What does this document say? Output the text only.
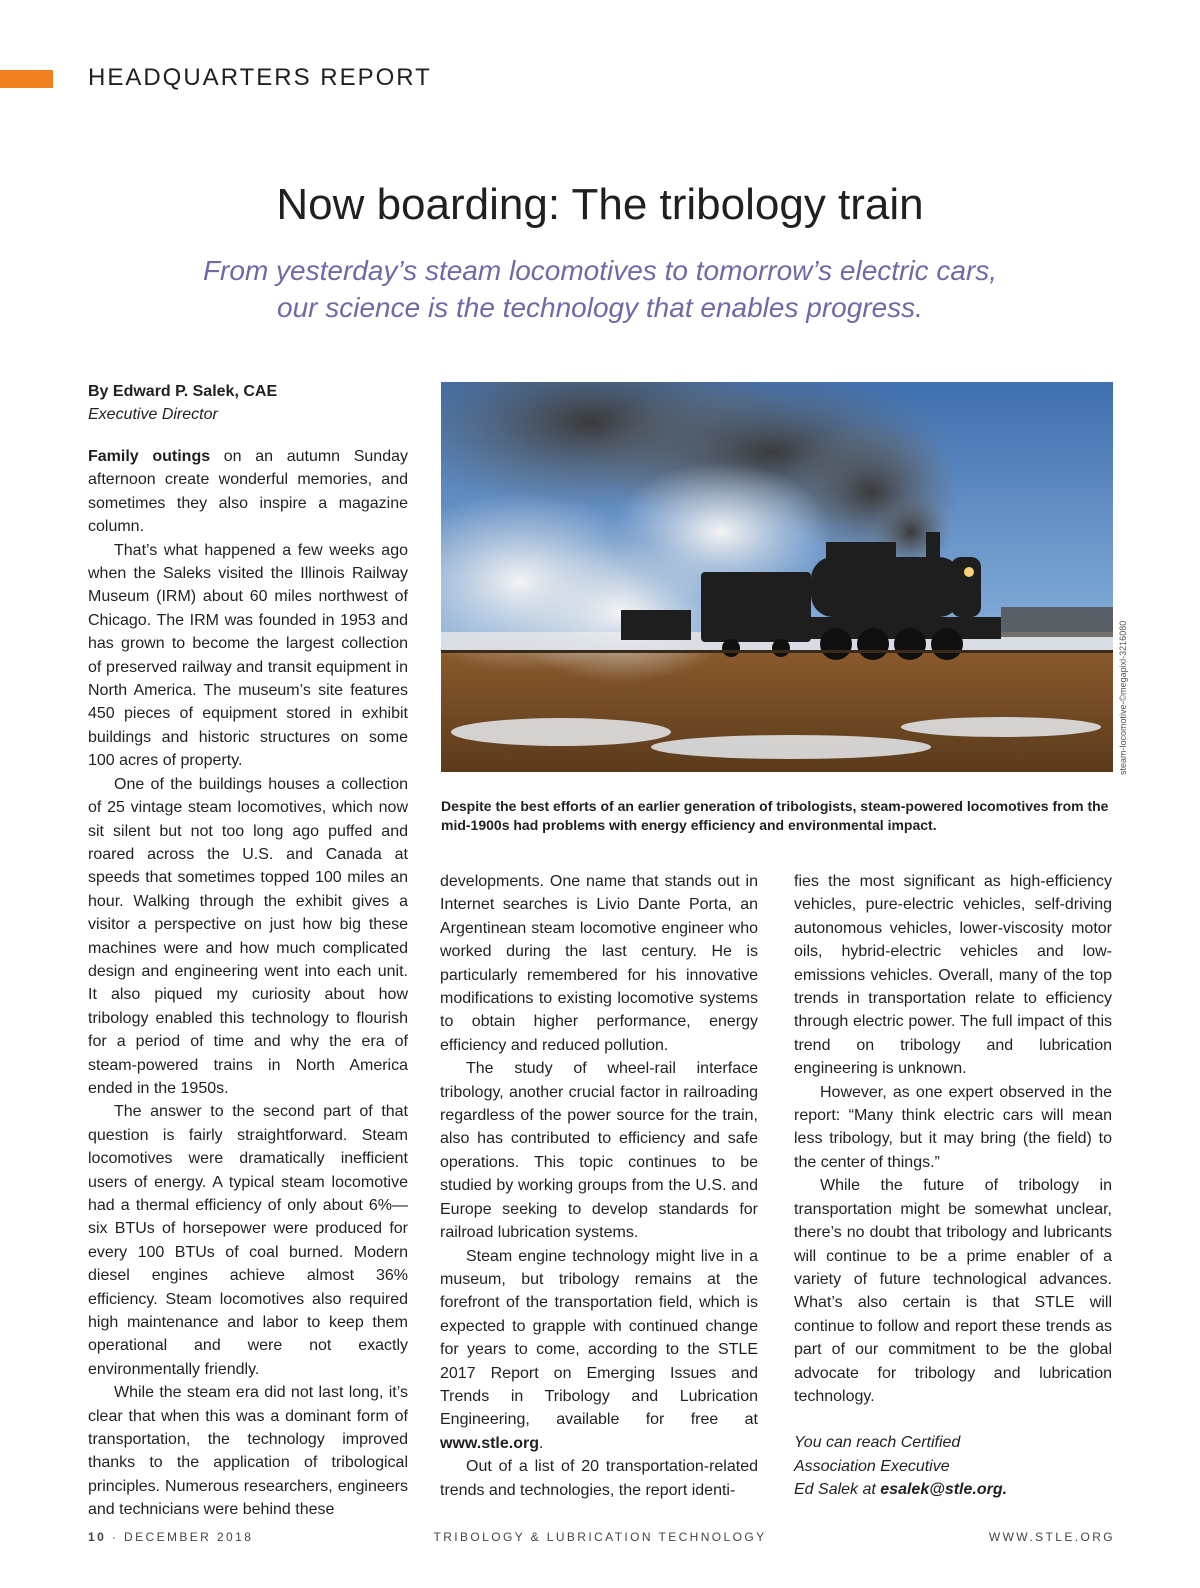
HEADQUARTERS REPORT
Now boarding: The tribology train
From yesterday’s steam locomotives to tomorrow’s electric cars,
our science is the technology that enables progress.
By Edward P. Salek, CAE
Executive Director

Family outings on an autumn Sunday afternoon create wonderful memories, and sometimes they also inspire a magazine column.

That’s what happened a few weeks ago when the Saleks visited the Illinois Railway Museum (IRM) about 60 miles northwest of Chicago. The IRM was founded in 1953 and has grown to become the largest collection of preserved railway and transit equipment in North America. The museum’s site features 450 pieces of equipment stored in exhibit buildings and historic structures on some 100 acres of property.

One of the buildings houses a collection of 25 vintage steam locomotives, which now sit silent but not too long ago puffed and roared across the U.S. and Canada at speeds that sometimes topped 100 miles an hour. Walking through the exhibit gives a visitor a perspective on just how big these machines were and how much complicated design and engineering went into each unit. It also piqued my curiosity about how tribology enabled this technology to flourish for a period of time and why the era of steam-powered trains in North America ended in the 1950s.

The answer to the second part of that question is fairly straightforward. Steam locomotives were dramatically inefficient users of energy. A typical steam locomotive had a thermal efficiency of only about 6%—six BTUs of horsepower were produced for every 100 BTUs of coal burned. Modern diesel engines achieve almost 36% efficiency. Steam locomotives also required high maintenance and labor to keep them operational and were not exactly environmentally friendly.

While the steam era did not last long, it’s clear that when this was a dominant form of transportation, the technology improved thanks to the application of tribological principles. Numerous researchers, engineers and technicians were behind these

steam-locomotive-©megapixl-3216080
Despite the best efforts of an earlier generation of tribologists, steam-powered locomotives from the mid-1900s had problems with energy efficiency and environmental impact.

developments. One name that stands out in Internet searches is Livio Dante Porta, an Argentinean steam locomotive engineer who worked during the last century. He is particularly remembered for his innovative modifications to existing locomotive systems to obtain higher performance, energy efficiency and reduced pollution.

The study of wheel-rail interface tribology, another crucial factor in railroading regardless of the power source for the train, also has contributed to efficiency and safe operations. This topic continues to be studied by working groups from the U.S. and Europe seeking to develop standards for railroad lubrication systems.

Steam engine technology might live in a museum, but tribology remains at the forefront of the transportation field, which is expected to grapple with continued change for years to come, according to the STLE 2017 Report on Emerging Issues and Trends in Tribology and Lubrication Engineering, available for free at www.stle.org.

Out of a list of 20 transportation-related trends and technologies, the report identi-

fies the most significant as high-efficiency vehicles, pure-electric vehicles, self-driving autonomous vehicles, lower-viscosity motor oils, hybrid-electric vehicles and low-emissions vehicles. Overall, many of the top trends in transportation relate to efficiency through electric power. The full impact of this trend on tribology and lubrication engineering is unknown.

However, as one expert observed in the report: “Many think electric cars will mean less tribology, but it may bring (the field) to the center of things.”

While the future of tribology in transportation might be somewhat unclear, there’s no doubt that tribology and lubricants will continue to be a prime enabler of a variety of future technological advances. What’s also certain is that STLE will continue to follow and report these trends as part of our commitment to be the global advocate for tribology and lubrication technology.

You can reach Certified
Association Executive
Ed Salek at esalek@stle.org.

10 · DECEMBER 2018	TRIBOLOGY & LUBRICATION TECHNOLOGY	WWW.STLE.ORG
